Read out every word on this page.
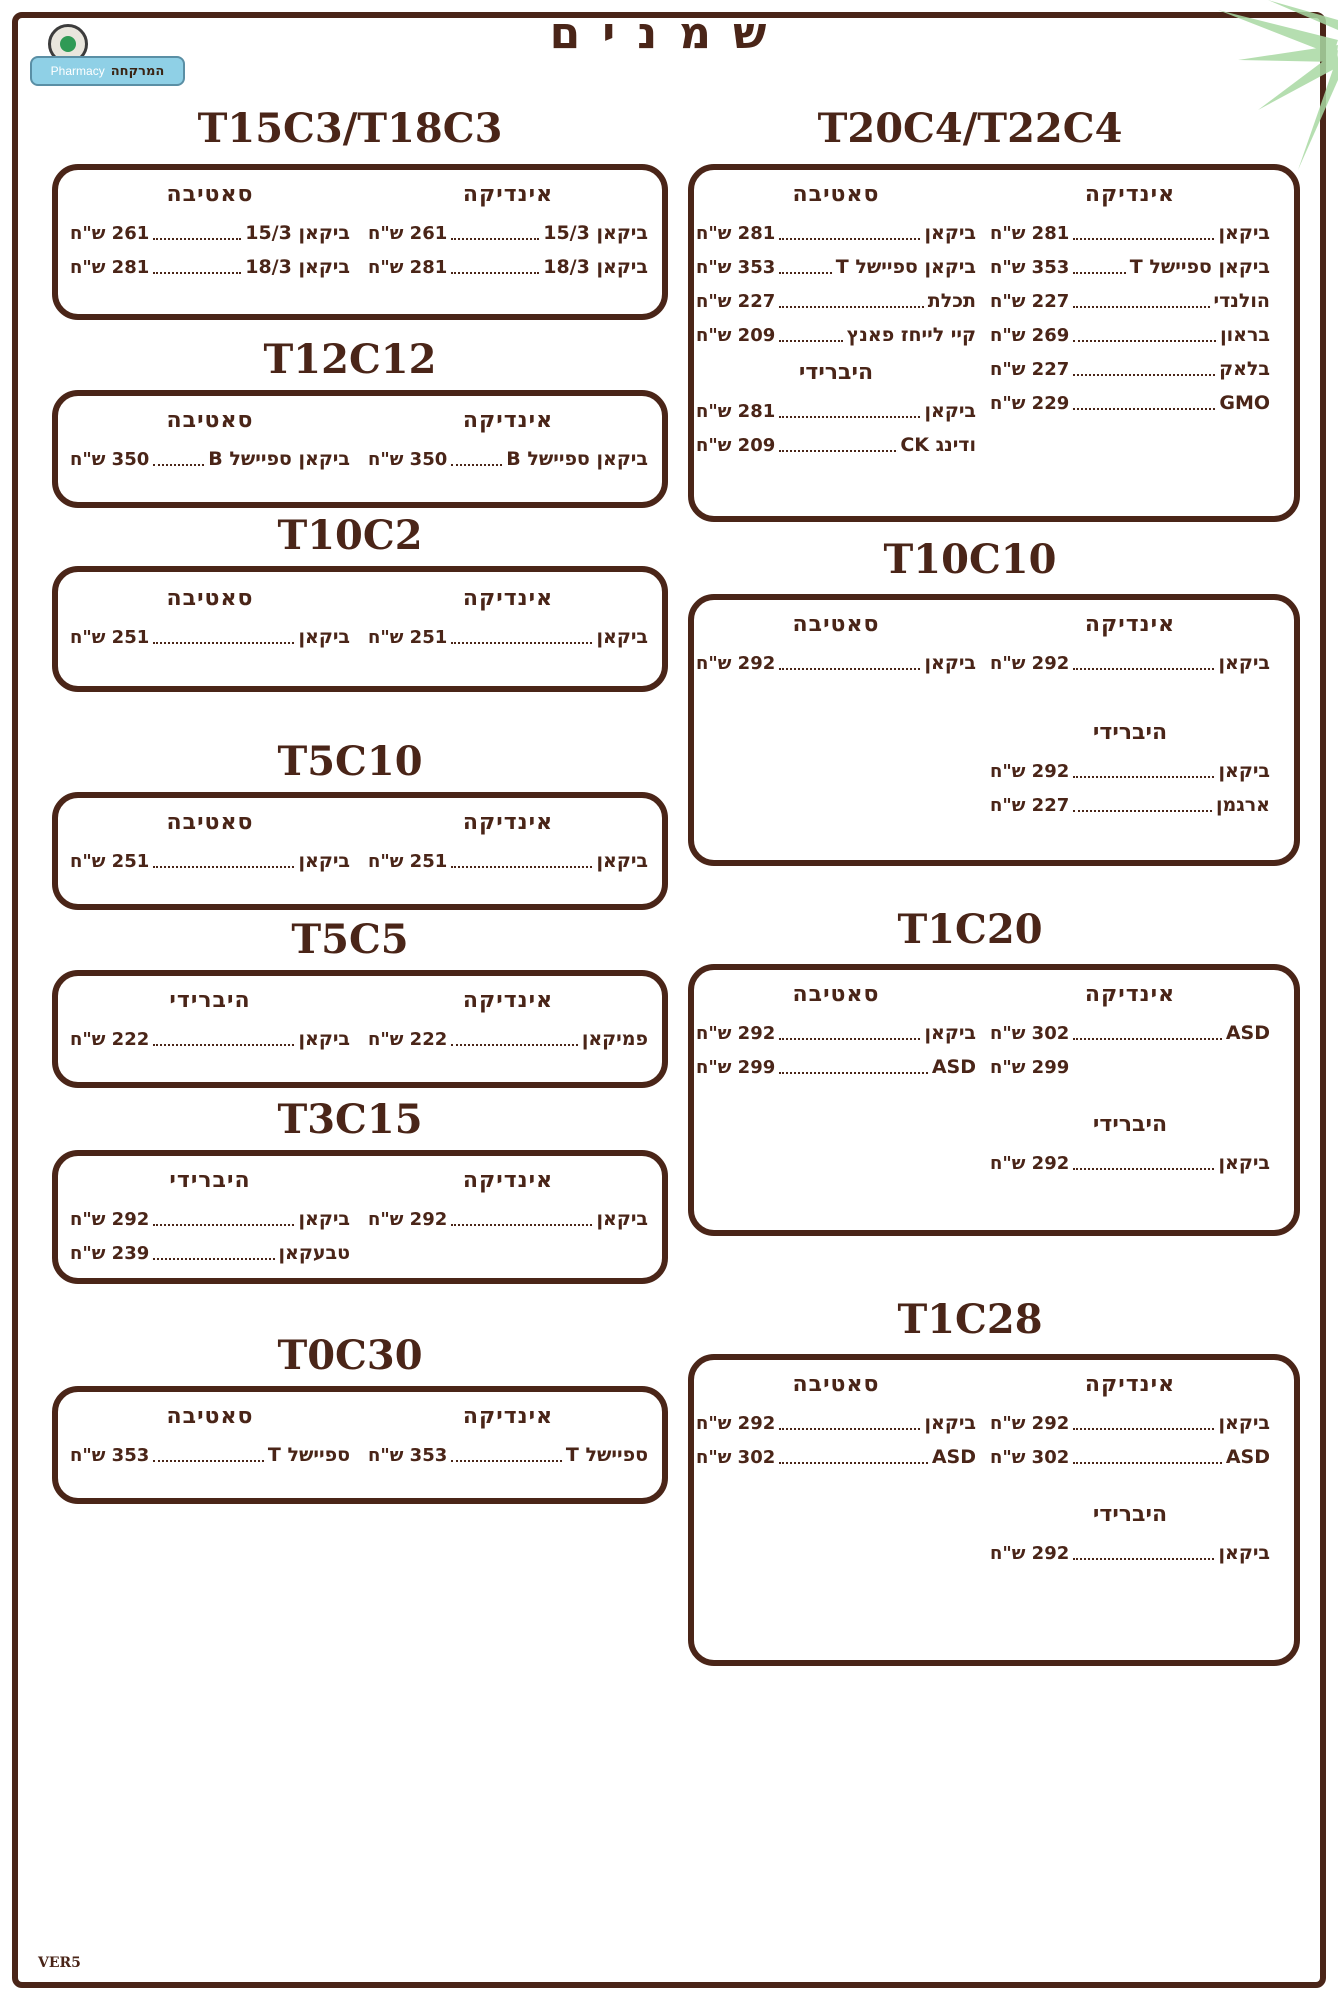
Pharmacy המרקחה
שמנים
T20C4/T22C4
אינדיקה
ביקאן
281 ש"ח
ביקאן ספיישל T
353 ש"ח
הולנדי
227 ש"ח
בראון
269 ש"ח
בלאק
227 ש"ח
GMO
229 ש"ח
סאטיבה
ביקאן
281 ש"ח
ביקאן ספיישל T
353 ש"ח
תכלת
227 ש"ח
קיי לייחז פאנץ
209 ש"ח
היברידי
ביקאן
281 ש"ח
ודינג CK
209 ש"ח
T10C10
אינדיקה
ביקאן
292 ש"ח
היברידי
ביקאן
292 ש"ח
ארגמן
227 ש"ח
סאטיבה
ביקאן
292 ש"ח
T1C20
אינדיקה
ASD
302 ש"ח
299 ש"ח
היברידי
ביקאן
292 ש"ח
סאטיבה
ביקאן
292 ש"ח
ASD
299 ש"ח
T1C28
אינדיקה
ביקאן
292 ש"ח
ASD
302 ש"ח
היברידי
ביקאן
292 ש"ח
סאטיבה
ביקאן
292 ש"ח
ASD
302 ש"ח
T15C3/T18C3
אינדיקה
ביקאן 15/3
261 ש"ח
ביקאן 18/3
281 ש"ח
סאטיבה
ביקאן 15/3
261 ש"ח
ביקאן 18/3
281 ש"ח
T12C12
אינדיקה
ביקאן ספיישל B
350 ש"ח
סאטיבה
ביקאן ספיישל B
350 ש"ח
T10C2
אינדיקה
ביקאן
251 ש"ח
סאטיבה
ביקאן
251 ש"ח
T5C10
אינדיקה
ביקאן
251 ש"ח
סאטיבה
ביקאן
251 ש"ח
T5C5
אינדיקה
פמיקאן
222 ש"ח
היברידי
ביקאן
222 ש"ח
T3C15
אינדיקה
ביקאן
292 ש"ח
היברידי
ביקאן
292 ש"ח
טבעקאן
239 ש"ח
T0C30
אינדיקה
ספיישל T
353 ש"ח
סאטיבה
ספיישל T
353 ש"ח
VER5
